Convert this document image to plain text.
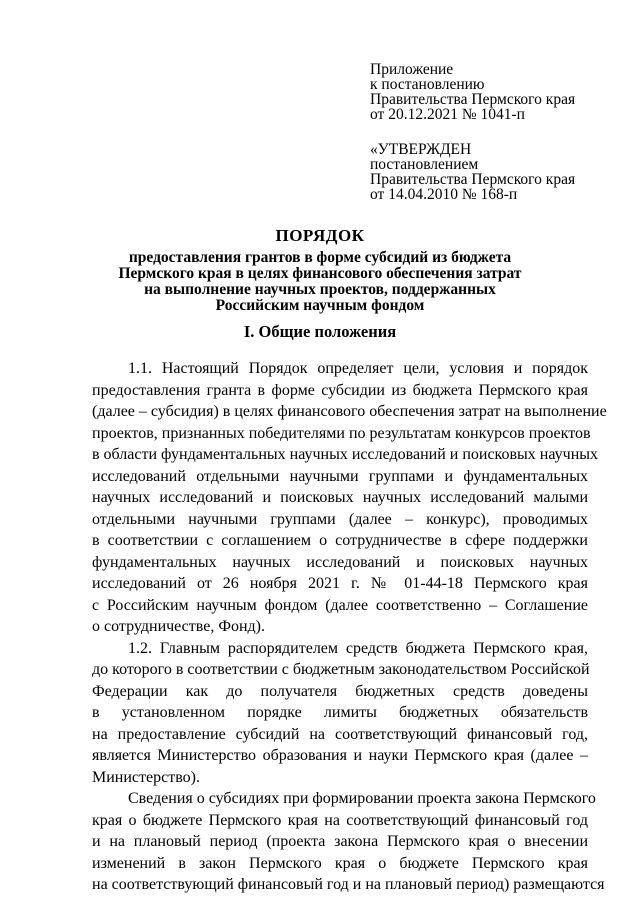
Приложение
к постановлению
Правительства Пермского края
от 20.12.2021 № 1041-п
«УТВЕРЖДЕН
постановлением
Правительства Пермского края
от 14.04.2010 № 168-п
ПОРЯДОК
предоставления грантов в форме субсидий из бюджета
Пермского края в целях финансового обеспечения затрат
на выполнение научных проектов, поддержанных
Российским научным фондом
I. Общие положения
1.1. Настоящий Порядок определяет цели, условия и порядок
предоставления гранта в форме субсидии из бюджета Пермского края
(далее – субсидия) в целях финансового обеспечения затрат на выполнение
проектов, признанных победителями по результатам конкурсов проектов
в области фундаментальных научных исследований и поисковых научных
исследований отдельными научными группами и фундаментальных
научных исследований и поисковых научных исследований малыми
отдельными научными группами (далее – конкурс), проводимых
в соответствии с соглашением о сотрудничестве в сфере поддержки
фундаментальных научных исследований и поисковых научных
исследований от 26 ноября 2021 г. № 01-44-18 Пермского края
с Российским научным фондом (далее соответственно – Соглашение
о сотрудничестве, Фонд).
1.2. Главным распорядителем средств бюджета Пермского края,
до которого в соответствии с бюджетным законодательством Российской
Федерации как до получателя бюджетных средств доведены
в установленном порядке лимиты бюджетных обязательств
на предоставление субсидий на соответствующий финансовый год,
является Министерство образования и науки Пермского края (далее –
Министерство).
Сведения о субсидиях при формировании проекта закона Пермского
края о бюджете Пермского края на соответствующий финансовый год
и на плановый период (проекта закона Пермского края о внесении
изменений в закон Пермского края о бюджете Пермского края
на соответствующий финансовый год и на плановый период) размещаются
